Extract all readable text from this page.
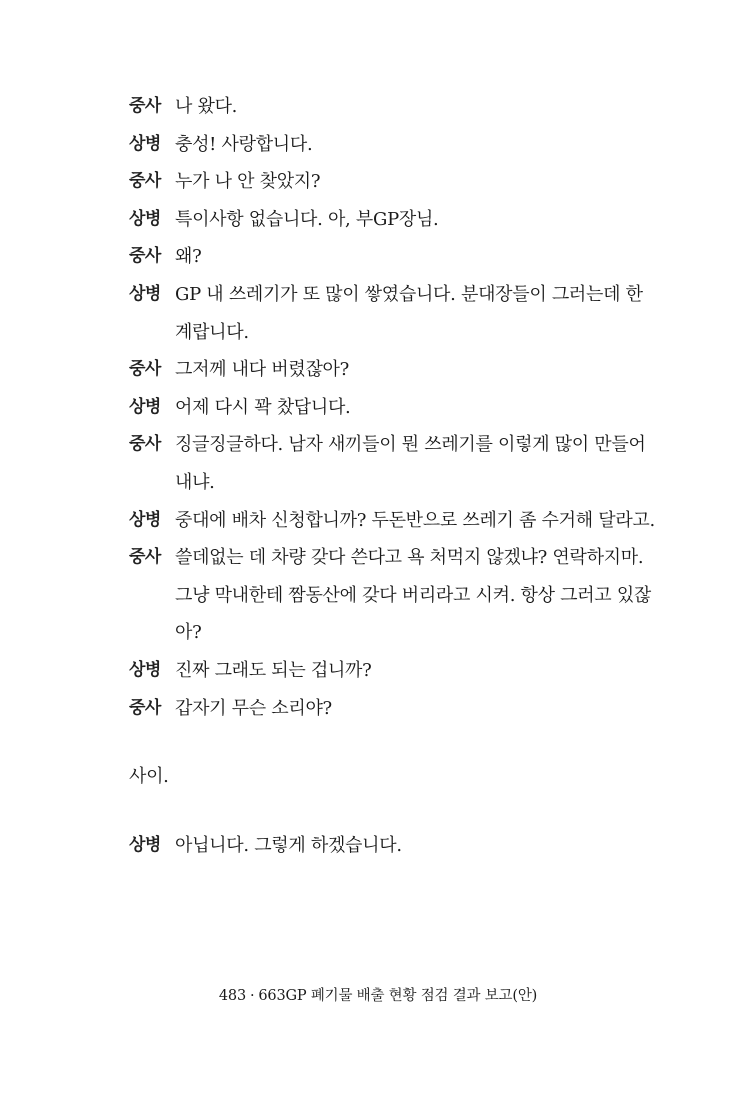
중사 나 왔다.
상병 충성! 사랑합니다.
중사 누가 나 안 찾았지?
상병 특이사항 없습니다. 아, 부GP장님.
중사 왜?
상병 GP 내 쓰레기가 또 많이 쌓였습니다. 분대장들이 그러는데 한계랍니다.
중사 그저께 내다 버렸잖아?
상병 어제 다시 꽉 찼답니다.
중사 징글징글하다. 남자 새끼들이 뭔 쓰레기를 이렇게 많이 만들어 내냐.
상병 중대에 배차 신청합니까? 두돈반으로 쓰레기 좀 수거해 달라고.
중사 쓸데없는 데 차량 갖다 쓴다고 욕 처먹지 않겠냐? 연락하지마. 그냥 막내한테 짬동산에 갖다 버리라고 시켜. 항상 그러고 있잖아?
상병 진짜 그래도 되는 겁니까?
중사 갑자기 무슨 소리야?
사이.
상병 아닙니다. 그렇게 하겠습니다.
483 · 663GP 폐기물 배출 현황 점검 결과 보고(안)
